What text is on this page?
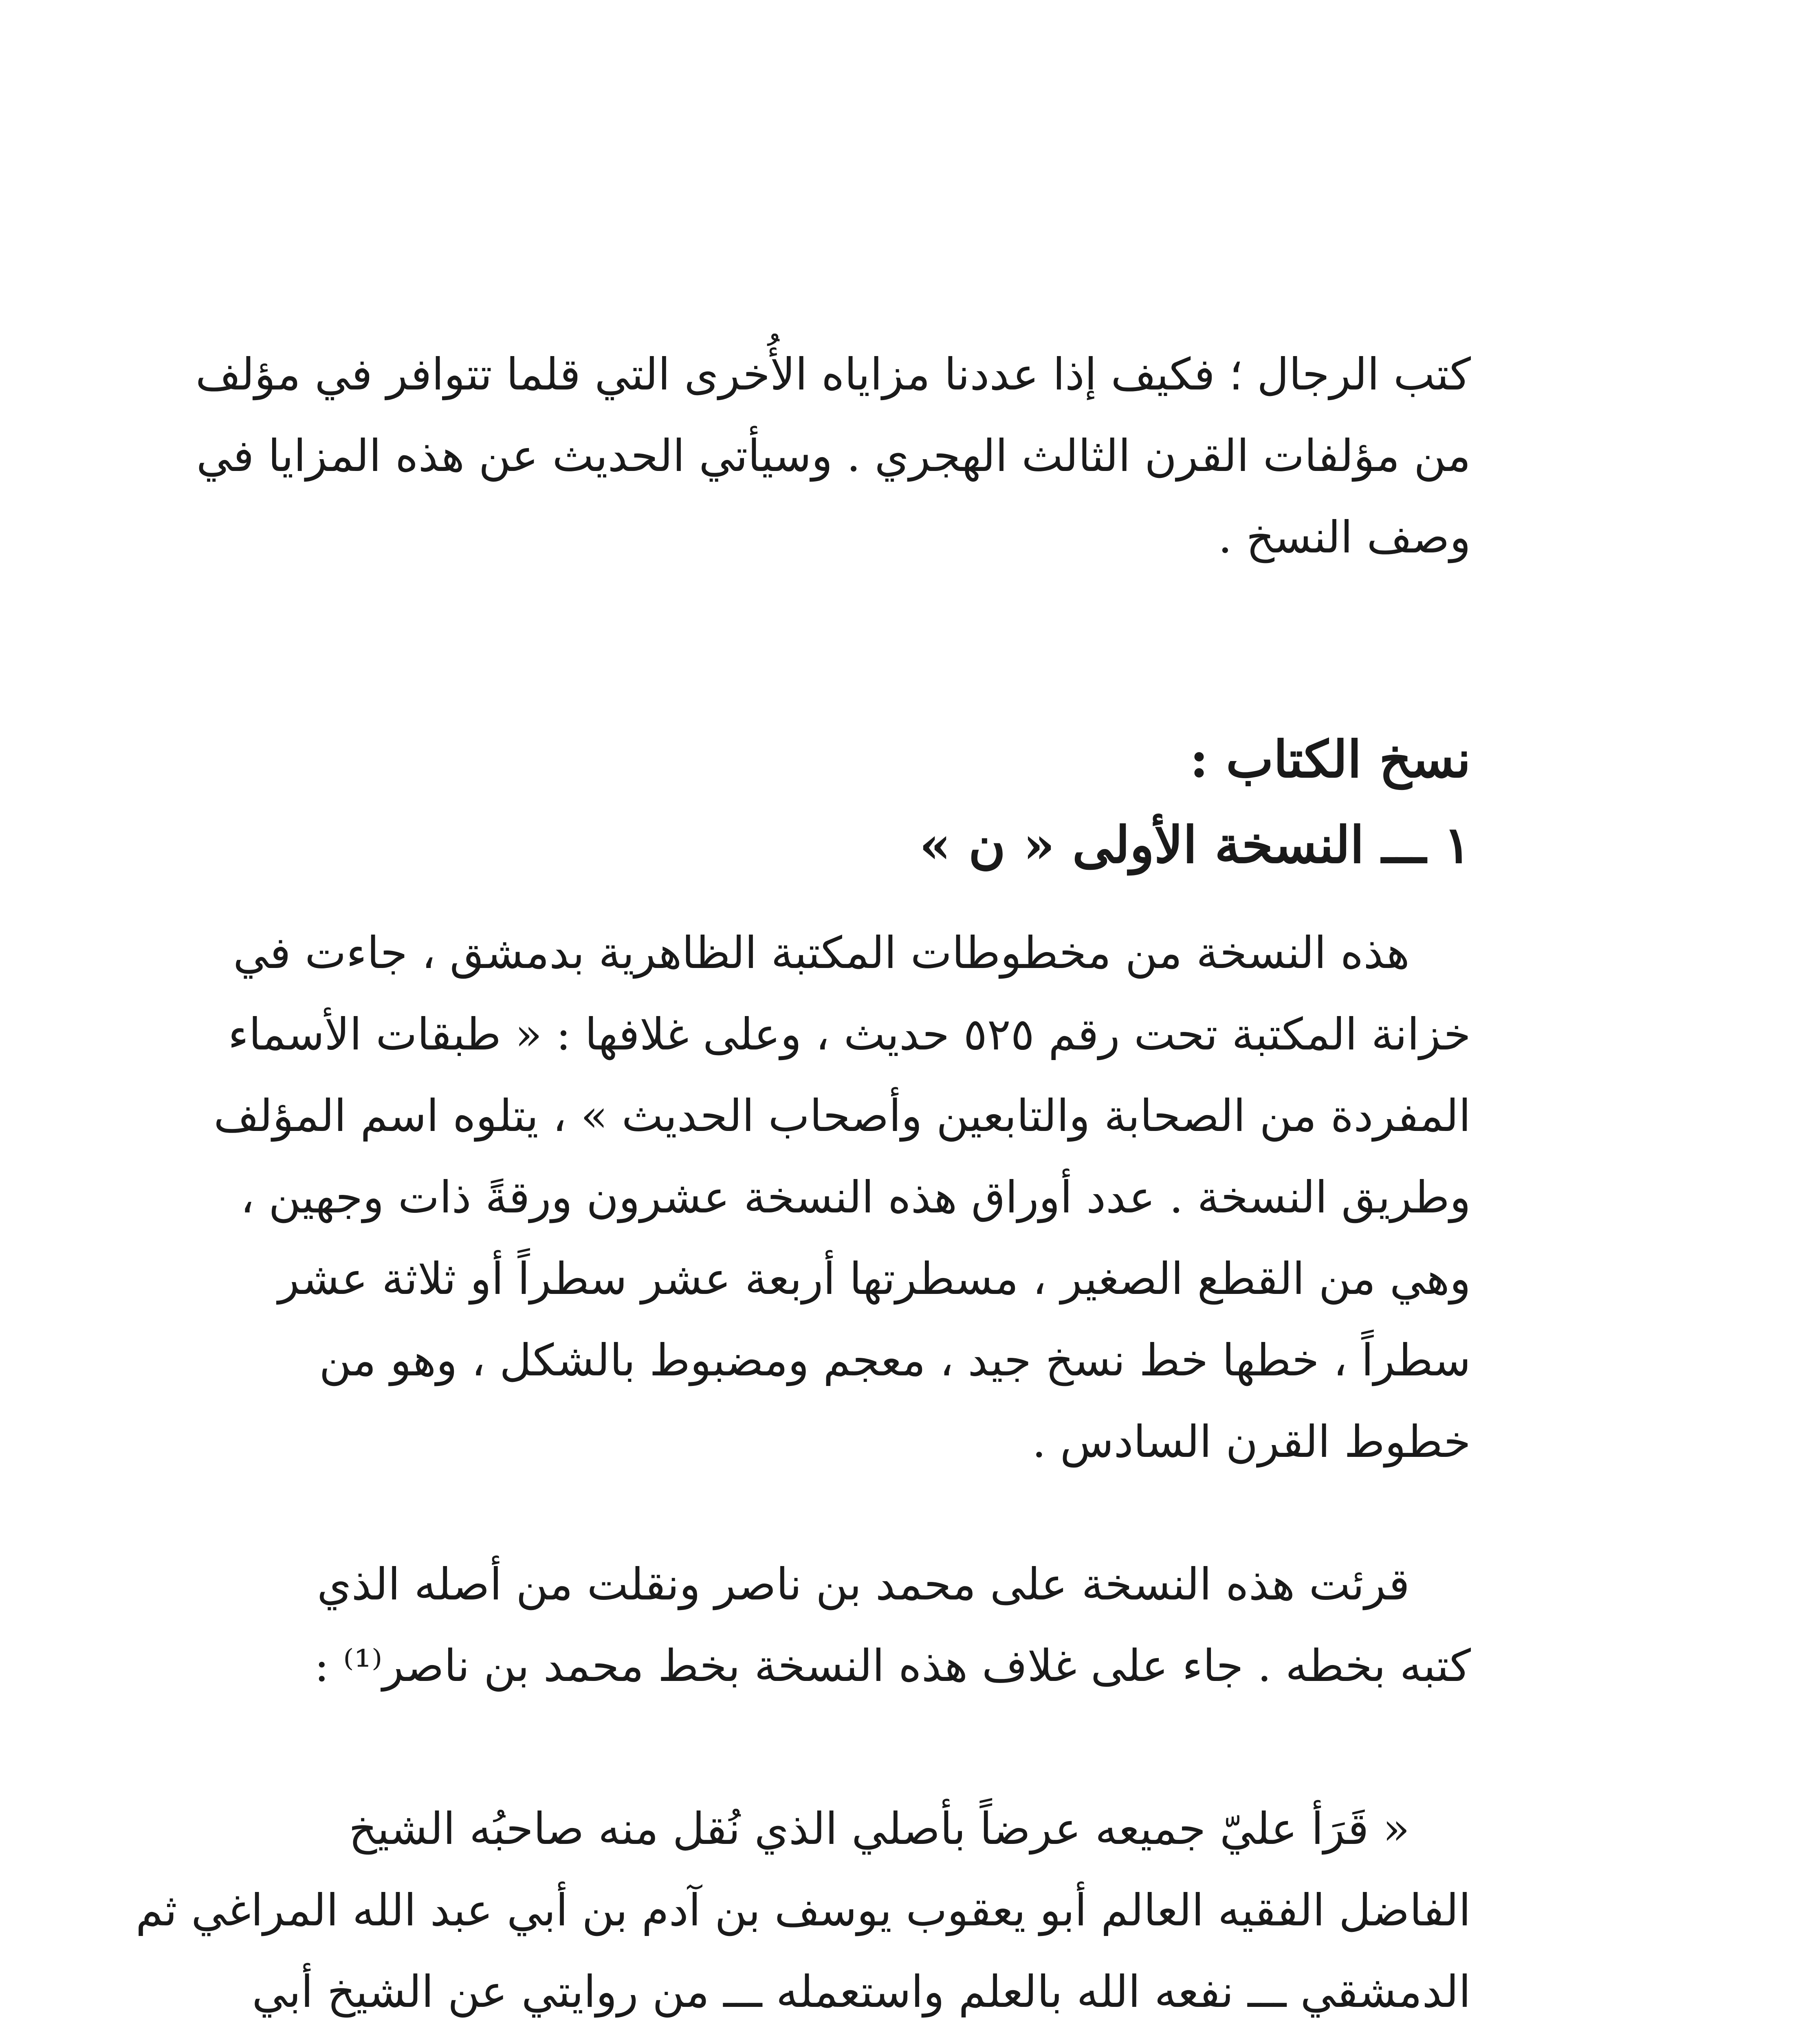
كتب الرجال ؛ فكيف إذا عددنا مزاياه الأُخرى التي قلما تتوافر في مؤلف
من مؤلفات القرن الثالث الهجري . وسيأتي الحديث عن هذه المزايا في
وصف النسخ .
نسخ الكتاب :
١ ـــ النسخة الأولى « ن »
هذه النسخة من مخطوطات المكتبة الظاهرية بدمشق ، جاءت في
خزانة المكتبة تحت رقم ٥٢٥ حديث ، وعلى غلافها : « طبقات الأسماء
المفردة من الصحابة والتابعين وأصحاب الحديث » ، يتلوه اسم المؤلف
وطريق النسخة . عدد أوراق هذه النسخة عشرون ورقةً ذات وجهين ،
وهي من القطع الصغير ، مسطرتها أربعة عشر سطراً أو ثلاثة عشر
سطراً ، خطها خط نسخ جيد ، معجم ومضبوط بالشكل ، وهو من
خطوط القرن السادس .
قرئت هذه النسخة على محمد بن ناصر ونقلت من أصله الذي
كتبه بخطه . جاء على غلاف هذه النسخة بخط محمد بن ناصر⁽¹⁾ :
« قَرَأ عليّ جميعه عرضاً بأصلي الذي نُقل منه صاحبُه الشيخ
الفاضل الفقيه العالم أبو يعقوب يوسف بن آدم بن أبي عبد الله المراغي ثم
الدمشقي ـــ نفعه الله بالعلم واستعمله ـــ من روايتي عن الشيخ أبي
